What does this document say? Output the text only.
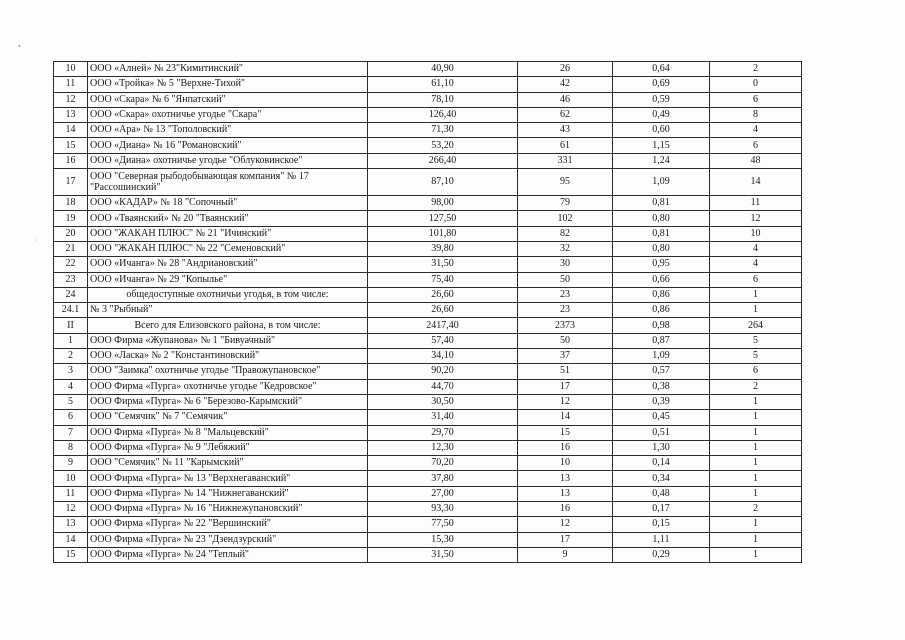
•
·
10	ООО «Алней» № 23"Кимитинский"	40,90	26	0,64	2
11	ООО «Тройка» № 5 "Верхне-Тихой"	61,10	42	0,69	0
12	ООО «Скара» № 6 "Янпатский"	78,10	46	0,59	6
13	ООО «Скара» охотничье угодье "Скара"	126,40	62	0,49	8
14	ООО «Ара» № 13 "Тополовский"	71,30	43	0,60	4
15	ООО «Диана» № 16 "Романовский"	53,20	61	1,15	6
16	ООО «Диана» охотничье угодье "Облуковинское"	266,40	331	1,24	48
17	ООО "Северная рыбодобывающая компания" № 17 "Рассошинский"	87,10	95	1,09	14
18	ООО «КАДАР» № 18 "Сопочный"	98,00	79	0,81	11
19	ООО «Тваянский» № 20 "Тваянский"	127,50	102	0,80	12
20	ООО "ЖАКАН ПЛЮС" № 21 "Ичинский"	101,80	82	0,81	10
21	ООО "ЖАКАН ПЛЮС" № 22 "Семеновский"	39,80	32	0,80	4
22	ООО «Ичанга» № 28 "Андриановский"	31,50	30	0,95	4
23	ООО «Ичанга» № 29 "Копылье"	75,40	50	0,66	6
24	общедоступные охотничьи угодья, в том числе:	26,60	23	0,86	1
24.1	№ 3 "Рыбный"	26,60	23	0,86	1
II	Всего для Елизовского района, в том числе:	2417,40	2373	0,98	264
1	ООО Фирма «Жупанова» № 1 "Бивуачный"	57,40	50	0,87	5
2	ООО «Ласка» № 2 "Константиновский"	34,10	37	1,09	5
3	ООО "Заимка" охотничье угодье "Правожупановское"	90,20	51	0,57	6
4	ООО Фирма «Пурга» охотничье угодье "Кедровское"	44,70	17	0,38	2
5	ООО Фирма «Пурга» № 6 "Березово-Карымский"	30,50	12	0,39	1
6	ООО "Семячик" № 7 "Семячик"	31,40	14	0,45	1
7	ООО Фирма «Пурга» № 8 "Мальцевский"	29,70	15	0,51	1
8	ООО Фирма «Пурга» № 9 "Лебяжий"	12,30	16	1,30	1
9	ООО "Семячик" № 11 "Карымский"	70,20	10	0,14	1
10	ООО Фирма «Пурга» № 13 "Верхнегаванский"	37,80	13	0,34	1
11	ООО Фирма «Пурга» № 14 "Нижнегаванский"	27,00	13	0,48	1
12	ООО Фирма «Пурга» № 16 "Нижнежупановский"	93,30	16	0,17	2
13	ООО Фирма «Пурга» № 22 "Вершинский"	77,50	12	0,15	1
14	ООО Фирма «Пурга» № 23 "Дзендзурский"	15,30	17	1,11	1
15	ООО Фирма «Пурга» № 24 "Теплый"	31,50	9	0,29	1
